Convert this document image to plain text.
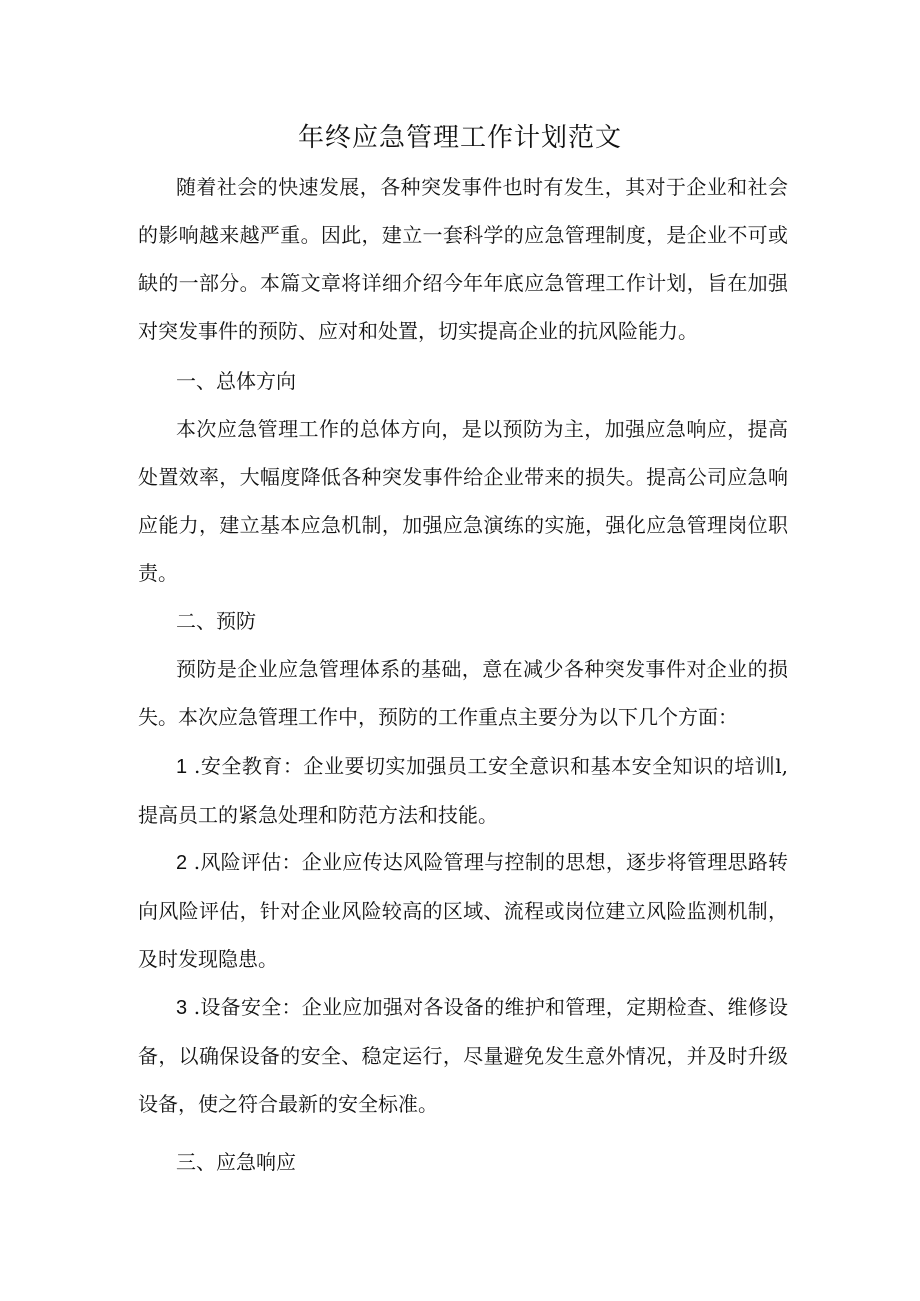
年终应急管理工作计划范文

随着社会的快速发展，各种突发事件也时有发生，其对于企业和社会的影响越来越严重。因此，建立一套科学的应急管理制度，是企业不可或缺的一部分。本篇文章将详细介绍今年年底应急管理工作计划，旨在加强对突发事件的预防、应对和处置，切实提高企业的抗风险能力。

一、总体方向

本次应急管理工作的总体方向，是以预防为主，加强应急响应，提高处置效率，大幅度降低各种突发事件给企业带来的损失。提高公司应急响应能力，建立基本应急机制，加强应急演练的实施，强化应急管理岗位职责。

二、预防

预防是企业应急管理体系的基础，意在减少各种突发事件对企业的损失。本次应急管理工作中，预防的工作重点主要分为以下几个方面：

1 .安全教育：企业要切实加强员工安全意识和基本安全知识的培训l,提高员工的紧急处理和防范方法和技能。

2 .风险评估：企业应传达风险管理与控制的思想，逐步将管理思路转向风险评估，针对企业风险较高的区域、流程或岗位建立风险监测机制，及时发现隐患。

3 .设备安全：企业应加强对各设备的维护和管理，定期检查、维修设备，以确保设备的安全、稳定运行，尽量避免发生意外情况，并及时升级设备，使之符合最新的安全标准。

三、应急响应
